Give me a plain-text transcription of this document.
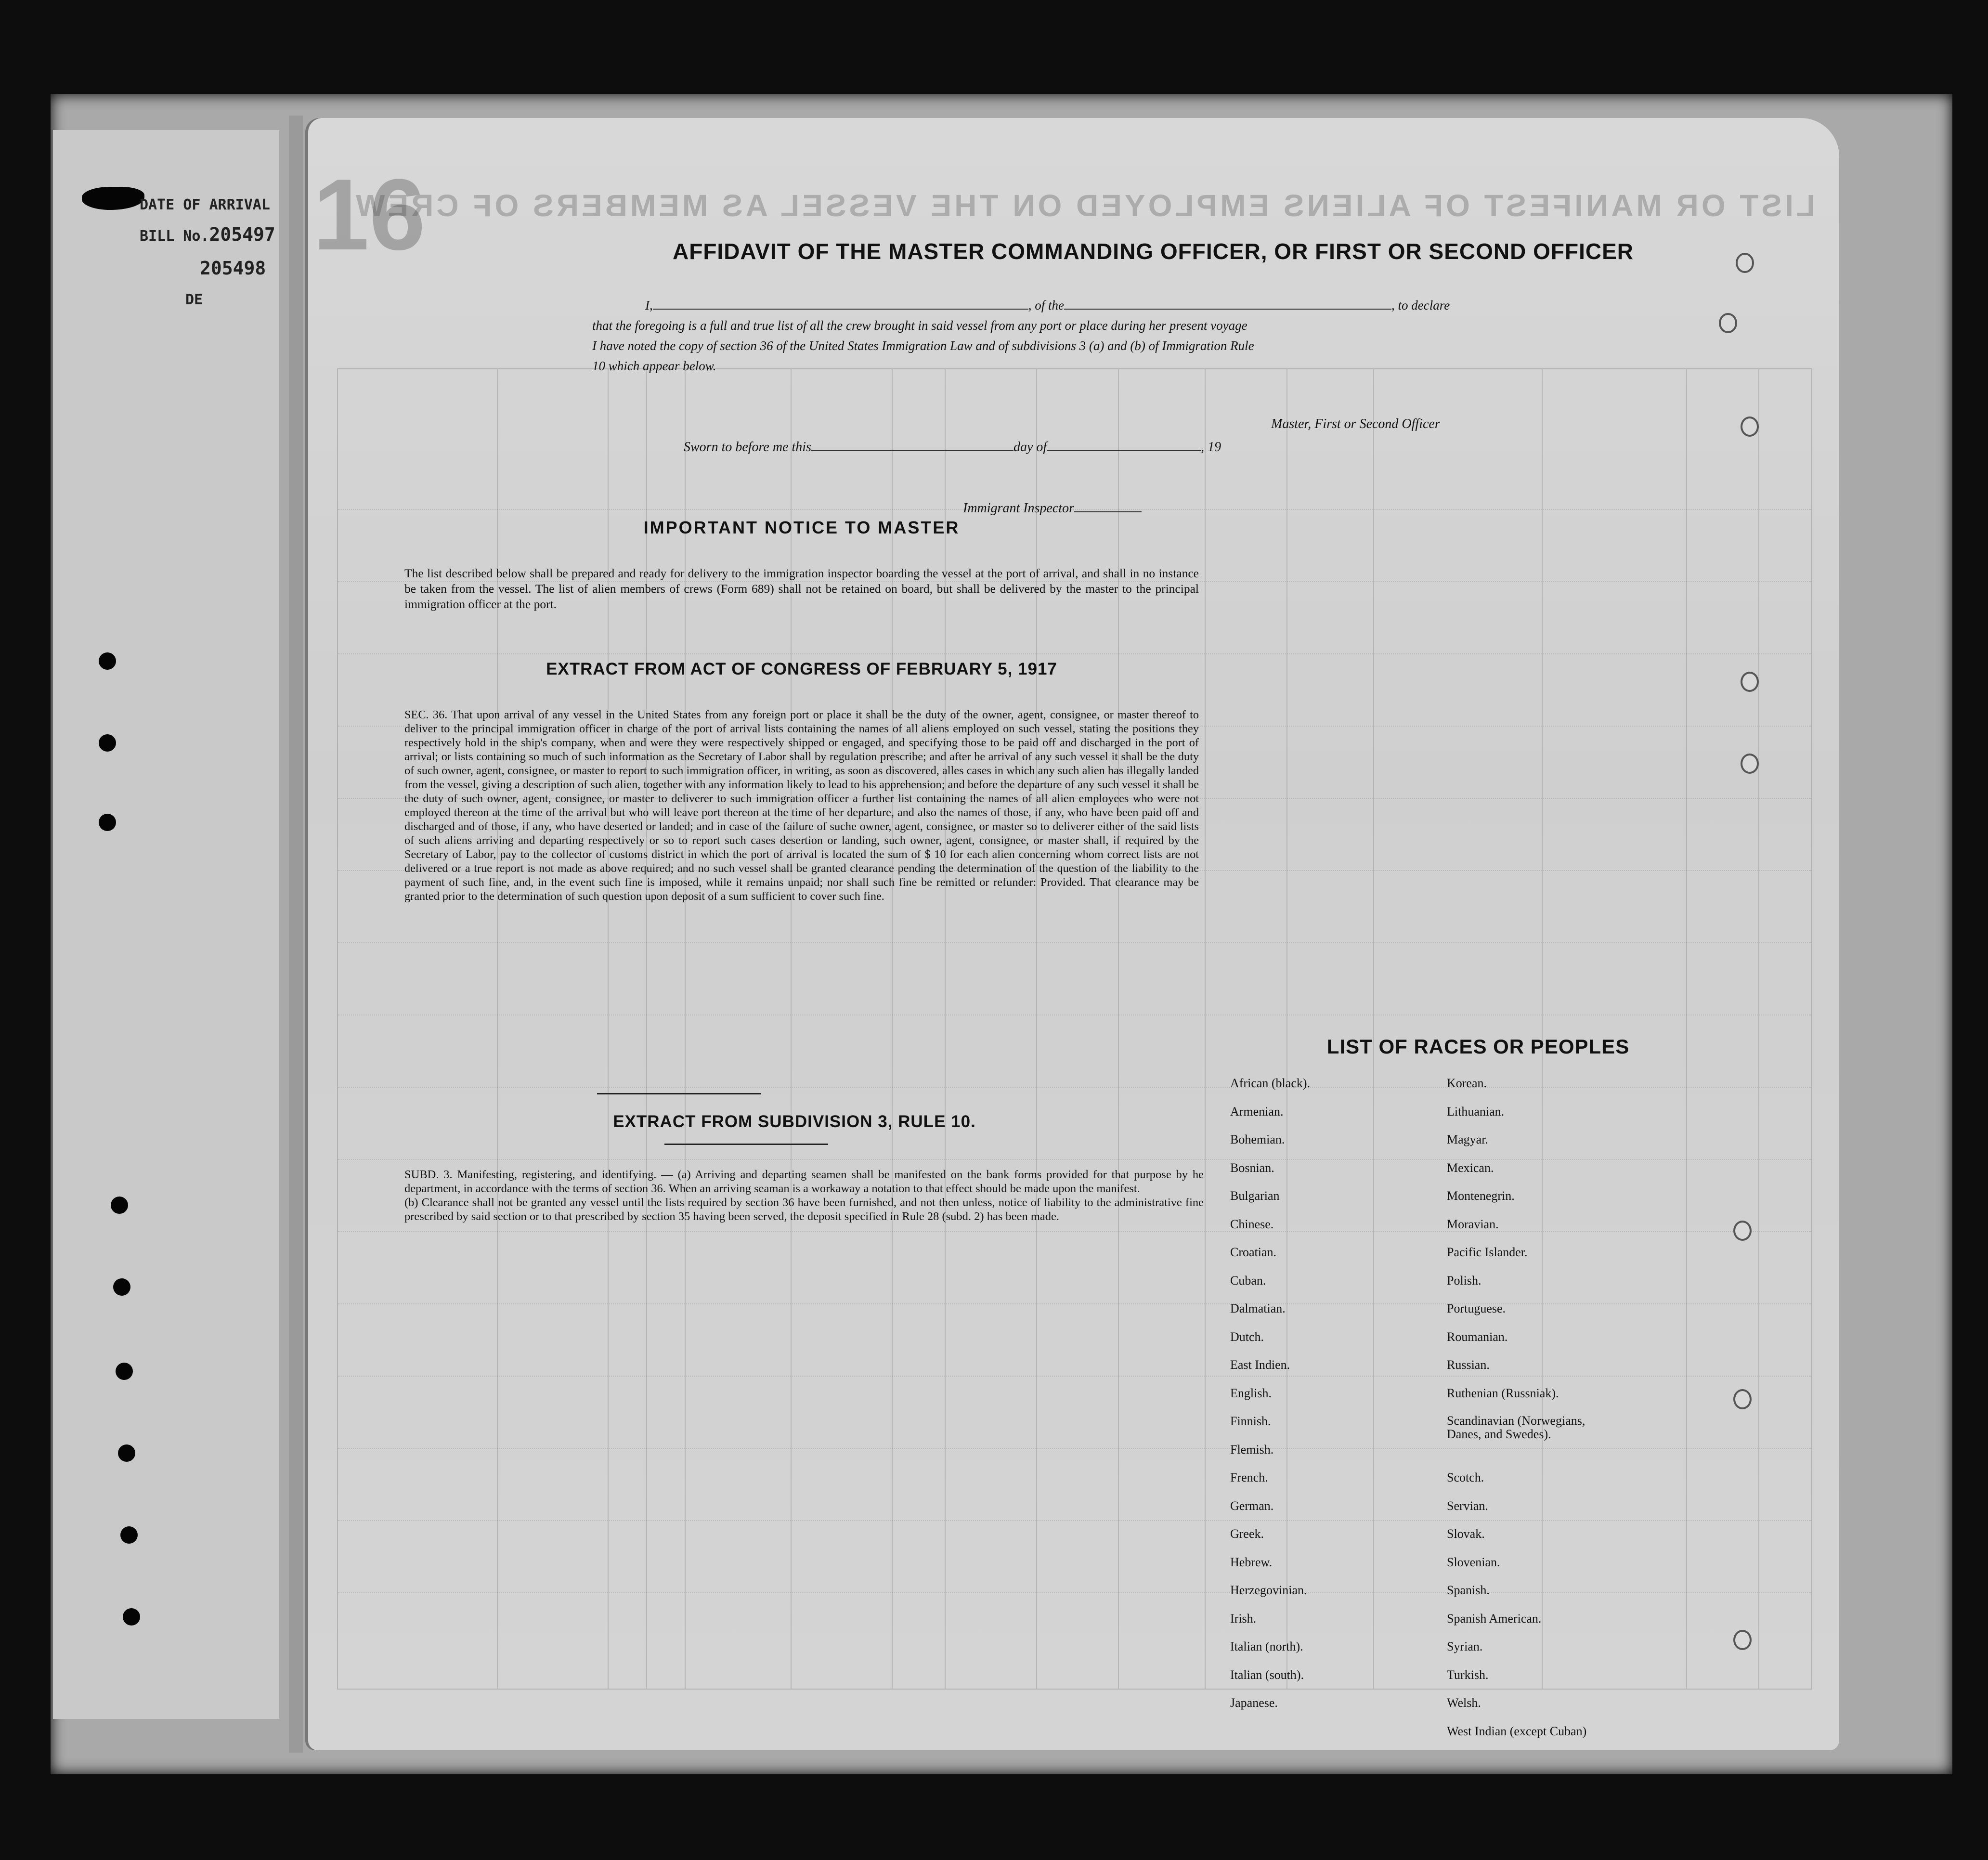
DATE OF ARRIVAL
BILL No.205497
205498
DE
16
LIST OR MANIFEST OF ALIENS EMPLOYED ON THE VESSEL AS MEMBERS OF CREW
AFFIDAVIT OF THE MASTER COMMANDING OFFICER, OR FIRST OR SECOND OFFICER
I,	, of the	, to declare
that the foregoing is a full and true list of all the crew brought in said vessel from any port or place during her present voyage
I have noted the copy of section 36 of the United States Immigration Law and of subdivisions 3 (a) and (b) of Immigration Rule
10 which appear below.
Master, First or Second Officer
Sworn to before me this	day of	, 19
Immigrant Inspector
IMPORTANT NOTICE TO MASTER
The list described below shall be prepared and ready for delivery to the immigration inspector boarding the vessel at the port of arrival, and shall in no instance be taken from the vessel. The list of alien members of crews (Form 689) shall not be retained on board, but shall be delivered by the master to the principal immigration officer at the port.
EXTRACT FROM ACT OF CONGRESS OF FEBRUARY 5, 1917
SEC. 36. That upon arrival of any vessel in the United States from any foreign port or place it shall be the duty of the owner, agent, consignee, or master thereof to deliver to the principal immigration officer in charge of the port of arrival lists containing the names of all aliens employed on such vessel, stating the positions they respectively hold in the ship's company, when and were they were respectively shipped or engaged, and specifying those to be paid off and discharged in the port of arrival; or lists containing so much of such information as the Secretary of Labor shall by regulation prescribe; and after he arrival of any such vessel it shall be the duty of such owner, agent, consignee, or master to report to such immigration officer, in writing, as soon as discovered, alles cases in which any such alien has illegally landed from the vessel, giving a description of such alien, together with any information likely to lead to his apprehension; and before the departure of any such vessel it shall be the duty of such owner, agent, consignee, or master to deliverer to such immigration officer a further list containing the names of all alien employees who were not employed thereon at the time of the arrival but who will leave port thereon at the time of her departure, and also the names of those, if any, who have been paid off and discharged and of those, if any, who have deserted or landed; and in case of the failure of suche owner, agent, consignee, or master so to deliverer either of the said lists of such aliens arriving and departing respectively or so to report such cases desertion or landing, such owner, agent, consignee, or master shall, if required by the Secretary of Labor, pay to the collector of customs district in which the port of arrival is located the sum of $ 10 for each alien concerning whom correct lists are not delivered or a true report is not made as above required; and no such vessel shall be granted clearance pending the determination of the question of the liability to the payment of such fine, and, in the event such fine is imposed, while it remains unpaid; nor shall such fine be remitted or refunder: Provided. That clearance may be granted prior to the determination of such question upon deposit of a sum sufficient to cover such fine.
EXTRACT FROM SUBDIVISION 3, RULE 10.
SUBD. 3. Manifesting, registering, and identifying. — (a) Arriving and departing seamen shall be manifested on the bank forms provided for that purpose by he department, in accordance with the terms of section 36. When an arriving seaman is a workaway a notation to that effect should be made upon the manifest.
(b) Clearance shall not be granted any vessel until the lists required by section 36 have been furnished, and not then unless, notice of liability to the administrative fine prescribed by said section or to that prescribed by section 35 having been served, the deposit specified in Rule 28 (subd. 2) has been made.
LIST OF RACES OR PEOPLES
African (black).
Armenian.
Bohemian.
Bosnian.
Bulgarian
Chinese.
Croatian.
Cuban.
Dalmatian.
Dutch.
East Indien.
English.
Finnish.
Flemish.
French.
German.
Greek.
Hebrew.
Herzegovinian.
Irish.
Italian (north).
Italian (south).
Japanese.
Korean.
Lithuanian.
Magyar.
Mexican.
Montenegrin.
Moravian.
Pacific Islander.
Polish.
Portuguese.
Roumanian.
Russian.
Ruthenian (Russniak).
Scandinavian (Norwegians, Danes, and Swedes).
Scotch.
Servian.
Slovak.
Slovenian.
Spanish.
Spanish American.
Syrian.
Turkish.
Welsh.
West Indian (except Cuban)
